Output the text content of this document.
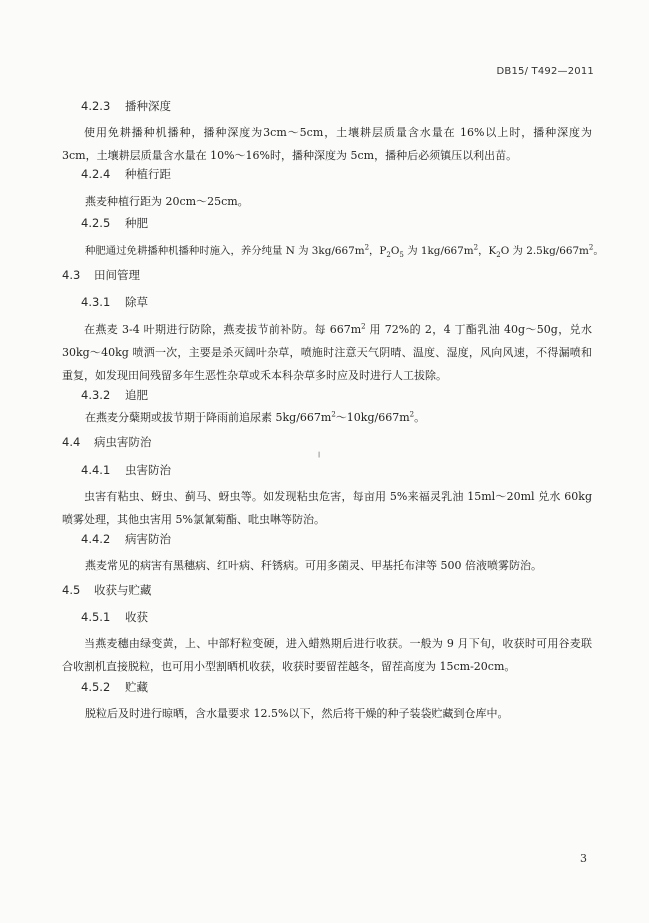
DB15/ T492—2011
4.2.3 播种深度
使用免耕播种机播种，播种深度为3cm～5cm，土壤耕层质量含水量在 16%以上时，播种深度为 3cm，土壤耕层质量含水量在 10%～16%时，播种深度为 5cm，播种后必须镇压以利出苗。
4.2.4 种植行距
燕麦种植行距为 20cm～25cm。
4.2.5 种肥
种肥通过免耕播种机播种时施入，养分纯量 N 为 $3kg/667m^2$，$P_2O_5$ 为 $1kg/667m^2$，$K_2O$ 为 $2.5kg/667m^2$。
4.3 田间管理
4.3.1 除草
在燕麦 3-4 叶期进行防除，燕麦拔节前补防。每 $667m^2$ 用 72%的 2，4 丁酯乳油 40g～50g，兑水 30kg～40kg 喷洒一次，主要是杀灭阔叶杂草，喷施时注意天气阴晴、温度、湿度，风向风速，不得漏喷和重复，如发现田间残留多年生恶性杂草或禾本科杂草多时应及时进行人工拔除。
4.3.2 追肥
在燕麦分蘖期或拔节期于降雨前追尿素 $5kg/667m^2\sim 10kg/667m^2$。
4.4 病虫害防治
╷
4.4.1 虫害防治
虫害有粘虫、蚜虫、蓟马、蚜虫等。如发现粘虫危害，每亩用 5%来福灵乳油 15ml～20ml 兑水 60kg 喷雾处理，其他虫害用 5%氯氰菊酯、吡虫啉等防治。
4.4.2 病害防治
燕麦常见的病害有黑穗病、红叶病、秆锈病。可用多菌灵、甲基托布津等 500 倍液喷雾防治。
4.5 收获与贮藏
4.5.1 收获
当燕麦穗由绿变黄，上、中部籽粒变硬，进入蜡熟期后进行收获。一般为 9 月下旬，收获时可用谷麦联合收割机直接脱粒，也可用小型割晒机收获，收获时要留茬越冬，留茬高度为 15cm-20cm。
4.5.2 贮藏
脱粒后及时进行晾晒，含水量要求 12.5%以下，然后将干燥的种子装袋贮藏到仓库中。
3
